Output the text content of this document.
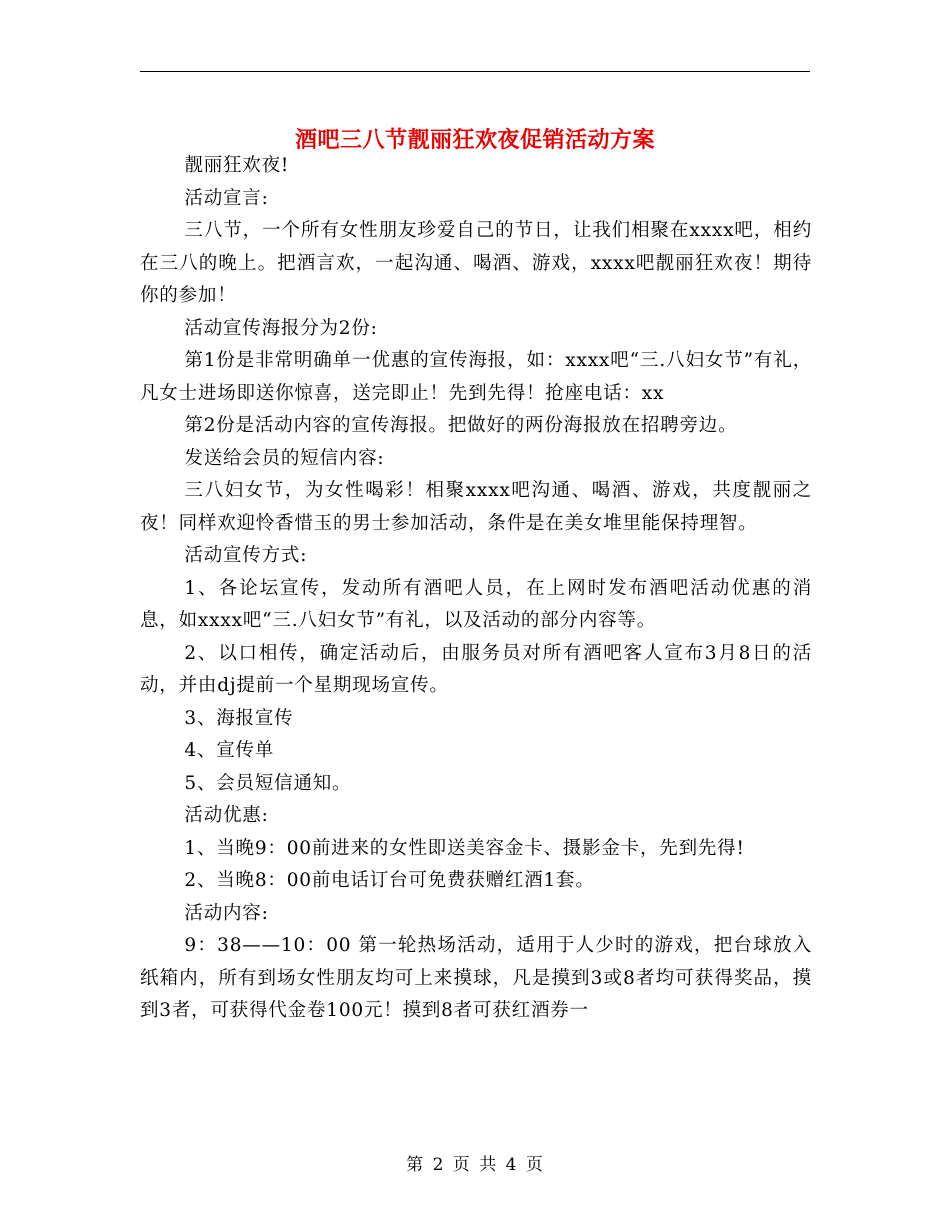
酒吧三八节靓丽狂欢夜促销活动方案

靓丽狂欢夜!

活动宣言:

三八节，一个所有女性朋友珍爱自己的节日，让我们相聚在xxxx吧，相约在三八的晚上。把酒言欢，一起沟通、喝酒、游戏，xxxx吧靓丽狂欢夜！期待你的参加！

活动宣传海报分为2份:

第1份是非常明确单一优惠的宣传海报，如：xxxx吧“三.八妇女节”有礼，凡女士进场即送你惊喜，送完即止！先到先得！抢座电话：xx

第2份是活动内容的宣传海报。把做好的两份海报放在招聘旁边。

发送给会员的短信内容:

三八妇女节，为女性喝彩！相聚xxxx吧沟通、喝酒、游戏，共度靓丽之夜！同样欢迎怜香惜玉的男士参加活动，条件是在美女堆里能保持理智。

活动宣传方式:

1、各论坛宣传，发动所有酒吧人员，在上网时发布酒吧活动优惠的消息，如xxxx吧“三.八妇女节”有礼，以及活动的部分内容等。

2、以口相传，确定活动后，由服务员对所有酒吧客人宣布3月8日的活动，并由dj提前一个星期现场宣传。

3、海报宣传

4、宣传单

5、会员短信通知。

活动优惠:

1、当晚9：00前进来的女性即送美容金卡、摄影金卡，先到先得!

2、当晚8：00前电话订台可免费获赠红酒1套。

活动内容:

9：38——10：00 第一轮热场活动，适用于人少时的游戏，把台球放入纸箱内，所有到场女性朋友均可上来摸球，凡是摸到3或8者均可获得奖品，摸到3者，可获得代金卷100元！摸到8者可获红酒券一

第 2 页 共 4 页
